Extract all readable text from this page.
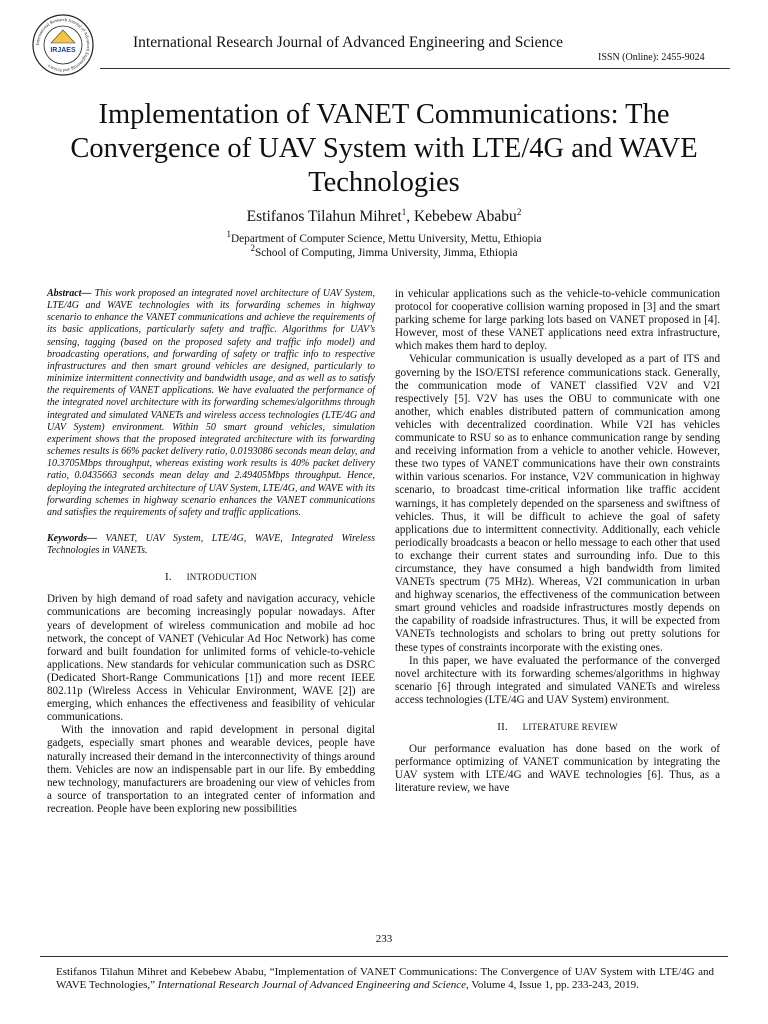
International Research Journal of Advanced Engineering and Science
IRJAES	International Research Journal of Advanced Engineering and Science
ISSN (Online): 2455-9024
Implementation of VANET Communications: The Convergence of UAV System with LTE/4G and WAVE Technologies
Estifanos Tilahun Mihret$^1$, Kebebew Ababu$^2$
$^1$Department of Computer Science, Mettu University, Mettu, Ethiopia
$^2$School of Computing, Jimma University, Jimma, Ethiopia

Abstract— This work proposed an integrated novel architecture of UAV System, LTE/4G and WAVE technologies with its forwarding schemes in highway scenario to enhance the VANET communications and achieve the requirements of its basic applications, particularly safety and traffic. Algorithms for UAV’s sensing, tagging (based on the proposed safety and traffic info model) and broadcasting operations, and forwarding of safety or traffic info to respective infrastructures and then smart ground vehicles are designed, particularly to minimize intermittent connectivity and bandwidth usage, and as well as to satisfy the requirements of VANET applications. We have evaluated the performance of the integrated novel architecture with its forwarding schemes/algorithms through integrated and simulated VANETs and wireless access technologies (LTE/4G and UAV System) environment. Within 50 smart ground vehicles, simulation experiment shows that the proposed integrated architecture with its forwarding schemes results is 66% packet delivery ratio, 0.0193086 seconds mean delay, and 10.3705Mbps throughput, whereas existing work results is 40% packet delivery ratio, 0.0435663 seconds mean delay and 2.49405Mbps throughput. Hence, deploying the integrated architecture of UAV System, LTE/4G, and WAVE with its forwarding schemes in highway scenario enhances the VANET communications and satisfies the requirements of safety and traffic applications.

Keywords— VANET, UAV System, LTE/4G, WAVE, Integrated Wireless Technologies in VANETs.

I. INTRODUCTION

Driven by high demand of road safety and navigation accuracy, vehicle communications are becoming increasingly popular nowadays. After years of development of wireless communication and mobile ad hoc network, the concept of VANET (Vehicular Ad Hoc Network) has come forward and built foundation for unlimited forms of vehicle-to-vehicle applications. New standards for vehicular communication such as DSRC (Dedicated Short-Range Communications [1]) and more recent IEEE 802.11p (Wireless Access in Vehicular Environment, WAVE [2]) are emerging, which enhances the effectiveness and feasibility of vehicular communications.

With the innovation and rapid development in personal digital gadgets, especially smart phones and wearable devices, people have naturally increased their demand in the interconnectivity of things around them. Vehicles are now an indispensable part in our life. By embedding new technology, manufacturers are broadening our view of vehicles from a source of transportation to an integrated center of information and recreation. People have been exploring new possibilities

in vehicular applications such as the vehicle-to-vehicle communication protocol for cooperative collision warning proposed in [3] and the smart parking scheme for large parking lots based on VANET proposed in [4]. However, most of these VANET applications need extra infrastructure, which makes them hard to deploy.

Vehicular communication is usually developed as a part of ITS and governing by the ISO/ETSI reference communications stack. Generally, the communication mode of VANET classified V2V and V2I respectively [5]. V2V has uses the OBU to communicate with one another, which enables distributed pattern of communication among vehicles with decentralized coordination. While V2I has vehicles communicate to RSU so as to enhance communication range by sending and receiving information from a vehicle to another vehicle. However, these two types of VANET communications have their own constraints within various scenarios. For instance, V2V communication in highway scenario, to broadcast time-critical information like traffic accident warnings, it has completely depended on the sparseness and swiftness of vehicles. Thus, it will be difficult to achieve the goal of safety applications due to intermittent connectivity. Additionally, each vehicle periodically broadcasts a beacon or hello message to each other that used to exchange their current states and surrounding info. Due to this circumstance, they have consumed a high bandwidth from limited VANETs spectrum (75 MHz). Whereas, V2I communication in urban and highway scenarios, the effectiveness of the communication between smart ground vehicles and roadside infrastructures mostly depends on the capability of roadside infrastructures. Thus, it will be expected from VANETs technologists and scholars to bring out pretty solutions for these types of constraints incorporate with the existing ones.

In this paper, we have evaluated the performance of the converged novel architecture with its forwarding schemes/algorithms in highway scenario [6] through integrated and simulated VANETs and wireless access technologies (LTE/4G and UAV System) environment.

II. LITERATURE REVIEW

Our performance evaluation has done based on the work of performance optimizing of VANET communication by integrating the UAV system with LTE/4G and WAVE technologies [6]. Thus, as a literature review, we have

233
Estifanos Tilahun Mihret and Kebebew Ababu, “Implementation of VANET Communications: The Convergence of UAV System with LTE/4G and WAVE Technologies,” International Research Journal of Advanced Engineering and Science, Volume 4, Issue 1, pp. 233-243, 2019.
